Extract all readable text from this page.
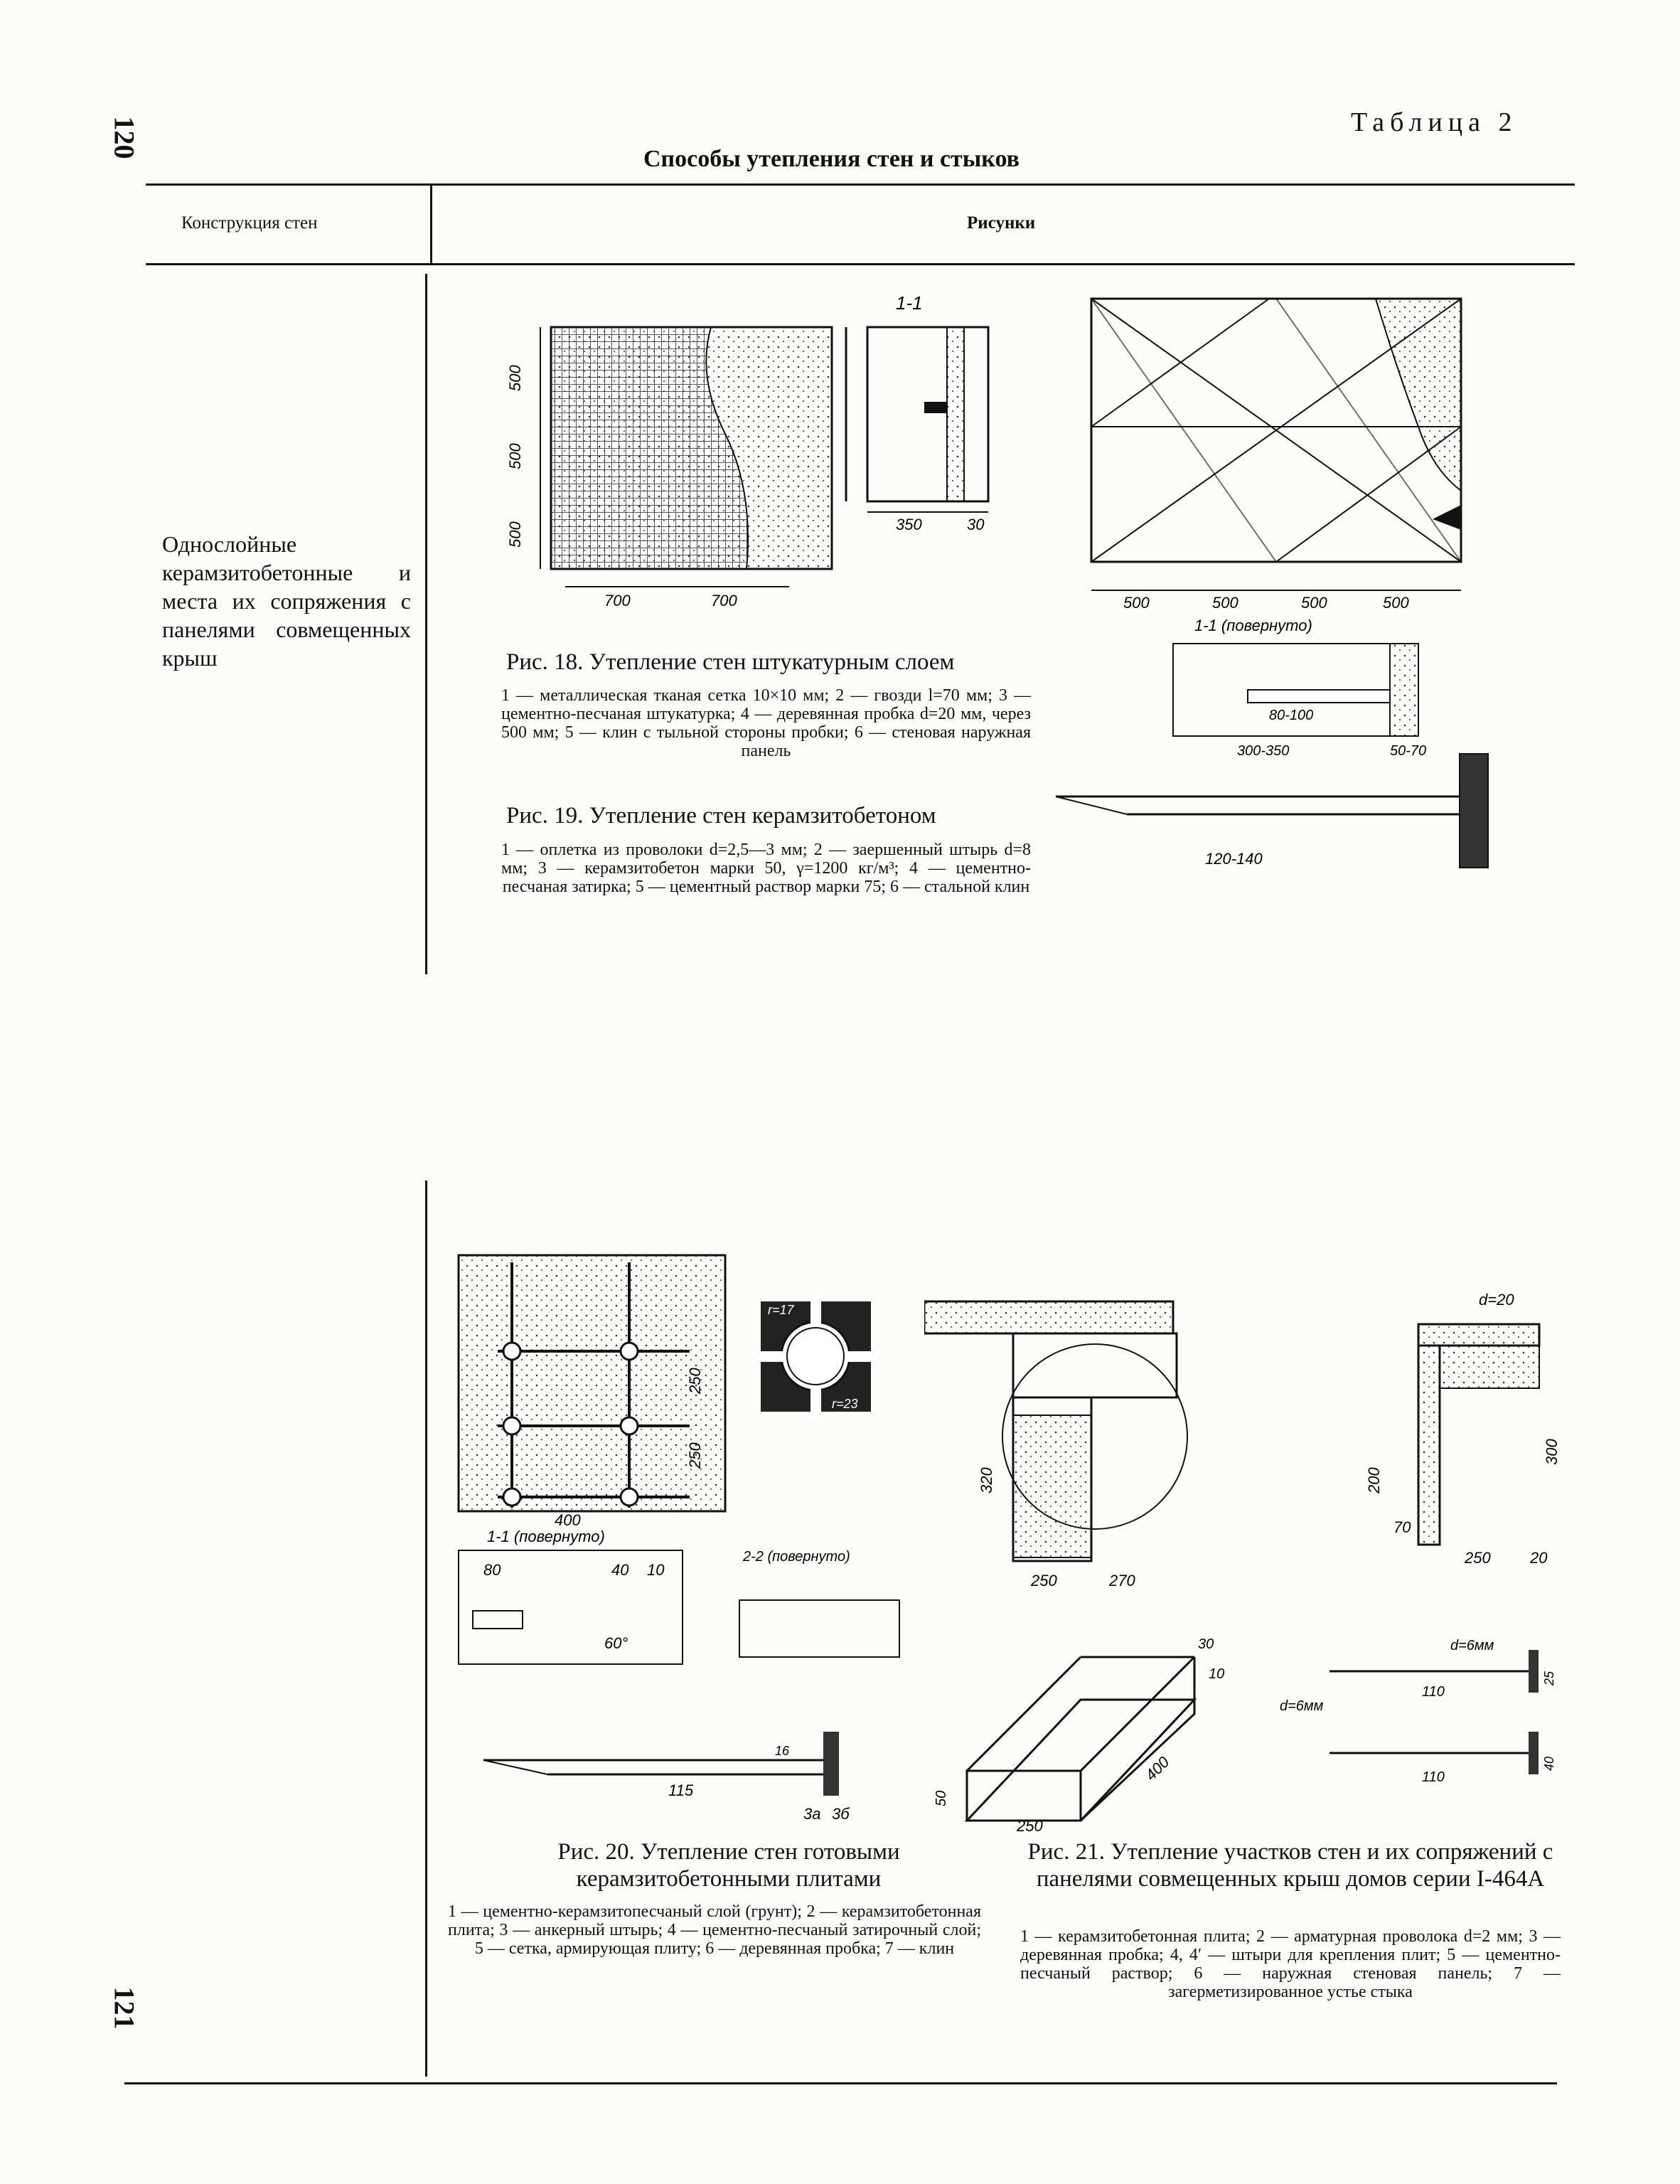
120
121
Таблица 2
Способы утепления стен и стыков
Конструкция стен	Рисунки
Однослойные керамзитобетонные и места их сопряжения с панелями совмещенных крыш
500
500
500
700	700
1-1
350	30
500	500	500	500
1-1 (повернуто)
80-100
300-350	50-70
120-140
Рис. 18. Утепление стен штукатурным слоем
1 — металлическая тканая сетка 10×10 мм; 2 — гвозди l=70 мм; 3 — цементно-песчаная штукатурка; 4 — деревянная пробка d=20 мм, через 500 мм; 5 — клин с тыльной стороны пробки; 6 — стеновая наружная панель
Рис. 19. Утепление стен керамзитобетоном
1 — оплетка из проволоки d=2,5—3 мм; 2 — заершенный штырь d=8 мм; 3 — керамзитобетон марки 50, γ=1200 кг/м³; 4 — цементно-песчаная затирка; 5 — цементный раствор марки 75; 6 — стальной клин
250
250
400
1-1 (повернуто)
80	40 10
60°
115
16
3а 3б
r=17
r=23
2-2 (повернуто)
320
250	270
d=20
200
300
70
250	20
30
10
400
50
250
d=6мм
d=6мм
110
110
25
40
Рис. 20. Утепление стен готовыми керамзитобетонными плитами
1 — цементно-керамзитопесчаный слой (грунт); 2 — керамзитобетонная плита; 3 — анкерный штырь; 4 — цементно-песчаный затирочный слой; 5 — сетка, армирующая плиту; 6 — деревянная пробка; 7 — клин
Рис. 21. Утепление участков стен и их сопряжений с панелями совмещенных крыш домов серии I-464А
1 — керамзитобетонная плита; 2 — арматурная проволока d=2 мм; 3 — деревянная пробка; 4, 4′ — штыри для крепления плит; 5 — цементно-песчаный раствор; 6 — наружная стеновая панель; 7 — загерметизированное устье стыка
